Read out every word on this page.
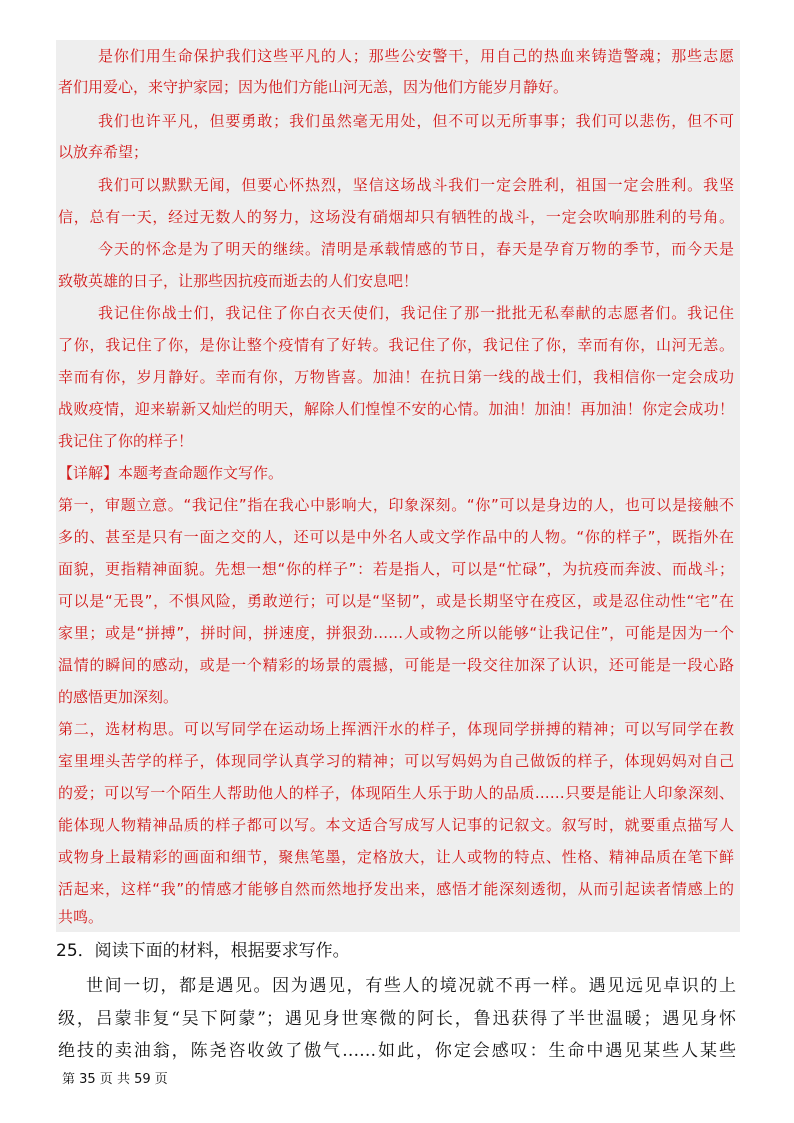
是你们用生命保护我们这些平凡的人；那些公安警干，用自己的热血来铸造警魂；那些志愿
者们用爱心，来守护家园；因为他们方能山河无恙，因为他们方能岁月静好。
我们也许平凡，但要勇敢；我们虽然毫无用处，但不可以无所事事；我们可以悲伤，但不可
以放弃希望；
我们可以默默无闻，但要心怀热烈，坚信这场战斗我们一定会胜利，祖国一定会胜利。我坚
信，总有一天，经过无数人的努力，这场没有硝烟却只有牺牲的战斗，一定会吹响那胜利的号角。
今天的怀念是为了明天的继续。清明是承载情感的节日，春天是孕育万物的季节，而今天是
致敬英雄的日子，让那些因抗疫而逝去的人们安息吧！
我记住你战士们，我记住了你白衣天使们，我记住了那一批批无私奉献的志愿者们。我记住
了你，我记住了你，是你让整个疫情有了好转。我记住了你，我记住了你，幸而有你，山河无恙。
幸而有你，岁月静好。幸而有你，万物皆喜。加油！在抗日第一线的战士们，我相信你一定会成功
战败疫情，迎来崭新又灿烂的明天，解除人们惶惶不安的心情。加油！加油！再加油！你定会成功！
我记住了你的样子！
【详解】本题考查命题作文写作。
第一，审题立意。“我记住”指在我心中影响大，印象深刻。“你”可以是身边的人，也可以是接触不
多的、甚至是只有一面之交的人，还可以是中外名人或文学作品中的人物。“你的样子”，既指外在
面貌，更指精神面貌。先想一想“你的样子”：若是指人，可以是“忙碌”，为抗疫而奔波、而战斗；
可以是“无畏”，不惧风险，勇敢逆行；可以是“坚韧”，或是长期坚守在疫区，或是忍住动性“宅”在
家里；或是“拼搏”，拼时间，拼速度，拼狠劲……人或物之所以能够“让我记住”，可能是因为一个
温情的瞬间的感动，或是一个精彩的场景的震撼，可能是一段交往加深了认识，还可能是一段心路
的感悟更加深刻。
第二，选材构思。可以写同学在运动场上挥洒汗水的样子，体现同学拼搏的精神；可以写同学在教
室里埋头苦学的样子，体现同学认真学习的精神；可以写妈妈为自己做饭的样子，体现妈妈对自己
的爱；可以写一个陌生人帮助他人的样子，体现陌生人乐于助人的品质……只要是能让人印象深刻、
能体现人物精神品质的样子都可以写。本文适合写成写人记事的记叙文。叙写时，就要重点描写人
或物身上最精彩的画面和细节，聚焦笔墨，定格放大，让人或物的特点、性格、精神品质在笔下鲜
活起来，这样“我”的情感才能够自然而然地抒发出来，感悟才能深刻透彻，从而引起读者情感上的
共鸣。
25．阅读下面的材料，根据要求写作。
世间一切，都是遇见。因为遇见，有些人的境况就不再一样。遇见远见卓识的上
级，吕蒙非复“吴下阿蒙”；遇见身世寒微的阿长，鲁迅获得了半世温暖；遇见身怀
绝技的卖油翁，陈尧咨收敛了傲气……如此，你定会感叹：生命中遇见某些人某些
第 35 页 共 59 页
